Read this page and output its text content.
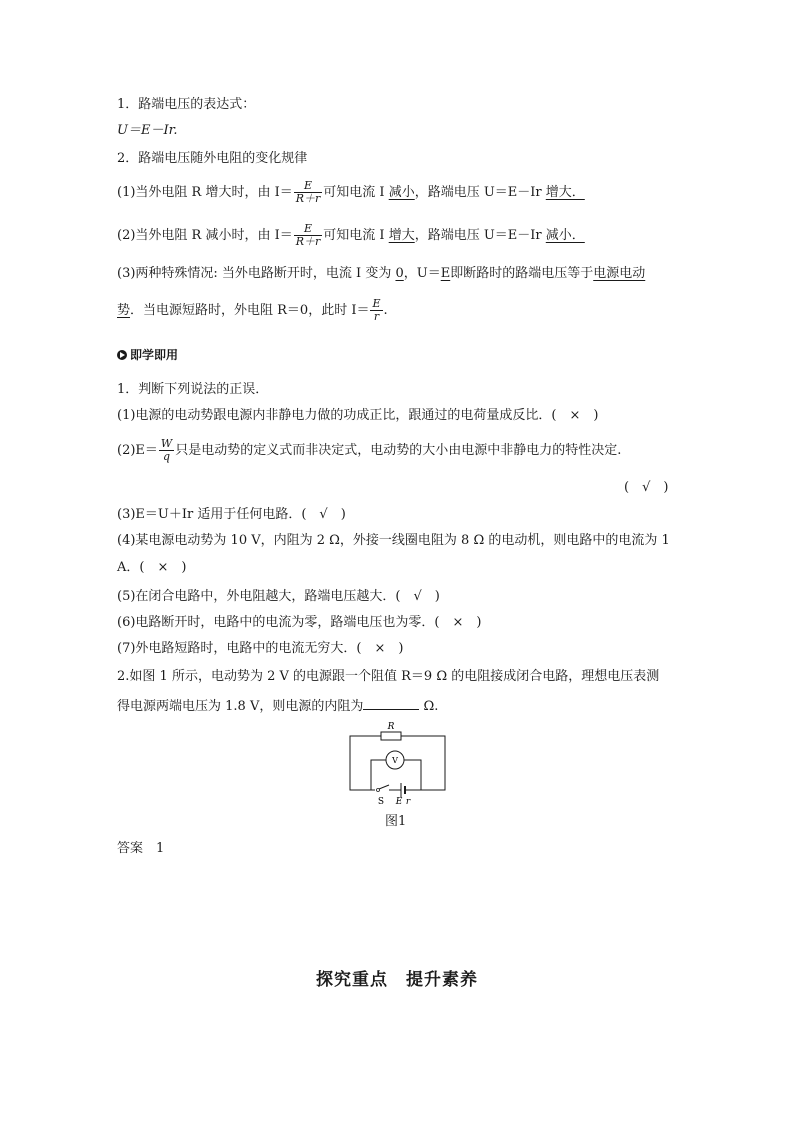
1．路端电压的表达式：
U＝E－Ir.
2．路端电压随外电阻的变化规律
(1)当外电阻 R 增大时，由 $I= \frac{E}{R+r}$ 可知电流 I 减小，路端电压 U＝E－Ir 增大．
(2)当外电阻 R 减小时，由 $I= \frac{E}{R+r}$ 可知电流 I 增大，路端电压 U＝E－Ir 减小．
(3)两种特殊情况: 当外电路断开时，电流 I 变为 0，U＝E即断路时的路端电压等于电源电动
势．当电源短路时，外电阻 R＝0，此时 $I= \frac{E}{r}$ .
即学即用
1．判断下列说法的正误．
(1)电源的电动势跟电源内非静电力做的功成正比，跟通过的电荷量成反比．(　×　)
$(2)E= \frac{W}{q}$ 只是电动势的定义式而非决定式，电动势的大小由电源中非静电力的特性决定.
(　√　)
(3)E＝U＋Ir 适用于任何电路．(　√　)
(4)某电源电动势为 10 V，内阻为 2 Ω，外接一线圈电阻为 8 Ω 的电动机，则电路中的电流为 1
A．(　×　)
(5)在闭合电路中，外电阻越大，路端电压越大．(　√　)
(6)电路断开时，电路中的电流为零，路端电压也为零．(　×　)
(7)外电路短路时，电路中的电流无穷大．(　×　)
2.如图 1 所示，电动势为 2 V 的电源跟一个阻值 R＝9 Ω 的电阻接成闭合电路，理想电压表测
得电源两端电压为 1.8 V，则电源的内阻为	Ω.
R
V
S E r
图1
答案　1
探究重点　提升素养
